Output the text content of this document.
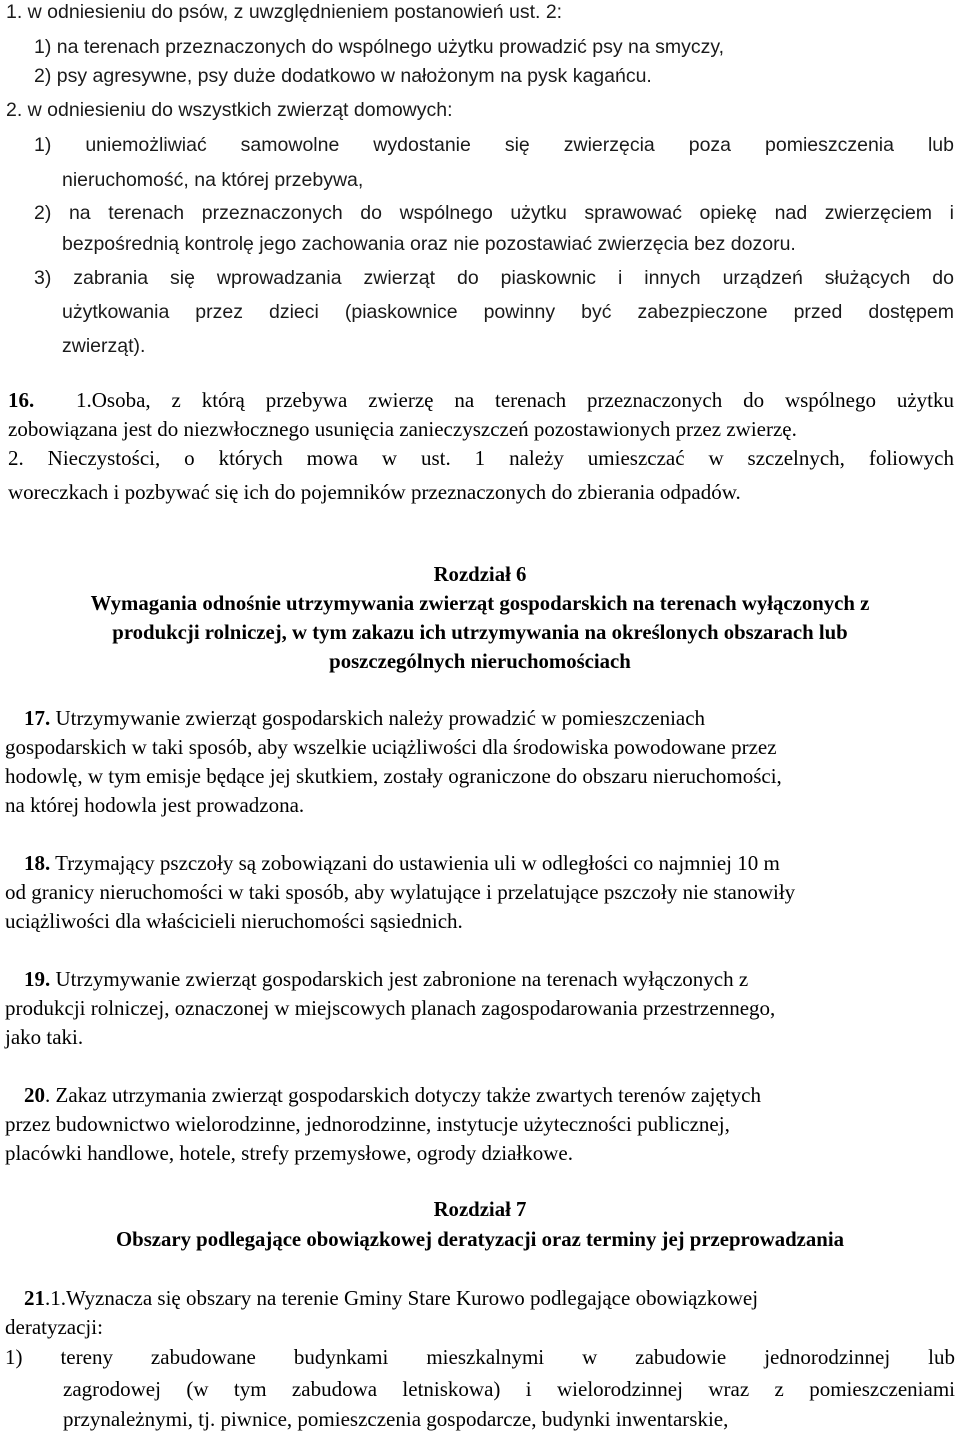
1. w odniesieniu do psów, z uwzględnieniem postanowień ust. 2:

1) na terenach przeznaczonych do wspólnego użytku prowadzić psy na smyczy,

2) psy agresywne, psy duże dodatkowo w nałożonym na pysk kagańcu.

2. w odniesieniu do wszystkich zwierząt domowych:

1) uniemożliwiać samowolne wydostanie się zwierzęcia poza pomieszczenia lub

nieruchomość, na której przebywa,

2) na terenach przeznaczonych do wspólnego użytku sprawować opiekę nad zwierzęciem i

bezpośrednią kontrolę jego zachowania oraz nie pozostawiać zwierzęcia bez dozoru.

3) zabrania się wprowadzania zwierząt do piaskownic i innych urządzeń służących do

użytkowania przez dzieci (piaskownice powinny być zabezpieczone przed dostępem

zwierząt).

16. 1.Osoba, z którą przebywa zwierzę na terenach przeznaczonych do wspólnego użytku

zobowiązana jest do niezwłocznego usunięcia zanieczyszczeń pozostawionych przez zwierzę.

2. Nieczystości, o których mowa w ust. 1 należy umieszczać w szczelnych, foliowych

woreczkach i pozbywać się ich do pojemników przeznaczonych do zbierania odpadów.

Rozdział 6

Wymagania odnośnie utrzymywania zwierząt gospodarskich na terenach wyłączonych z

produkcji rolniczej, w tym zakazu ich utrzymywania na określonych obszarach lub

poszczególnych nieruchomościach

17. Utrzymywanie zwierząt gospodarskich należy prowadzić w pomieszczeniach

gospodarskich w taki sposób, aby wszelkie uciążliwości dla środowiska powodowane przez

hodowlę, w tym emisje będące jej skutkiem, zostały ograniczone do obszaru nieruchomości,

na której hodowla jest prowadzona.

18. Trzymający pszczoły są zobowiązani do ustawienia uli w odległości co najmniej 10 m

od granicy nieruchomości w taki sposób, aby wylatujące i przelatujące pszczoły nie stanowiły

uciążliwości dla właścicieli nieruchomości sąsiednich.

19. Utrzymywanie zwierząt gospodarskich jest zabronione na terenach wyłączonych z

produkcji rolniczej, oznaczonej w miejscowych planach zagospodarowania przestrzennego,

jako taki.

20. Zakaz utrzymania zwierząt gospodarskich dotyczy także zwartych terenów zajętych

przez budownictwo wielorodzinne, jednorodzinne, instytucje użyteczności publicznej,

placówki handlowe, hotele, strefy przemysłowe, ogrody działkowe.

Rozdział 7

Obszary podlegające obowiązkowej deratyzacji oraz terminy jej przeprowadzania

21.1.Wyznacza się obszary na terenie Gminy Stare Kurowo podlegające obowiązkowej

deratyzacji:

1) tereny zabudowane budynkami mieszkalnymi w zabudowie jednorodzinnej lub

zagrodowej (w tym zabudowa letniskowa) i wielorodzinnej wraz z pomieszczeniami

przynależnymi, tj. piwnice, pomieszczenia gospodarcze, budynki inwentarskie,
